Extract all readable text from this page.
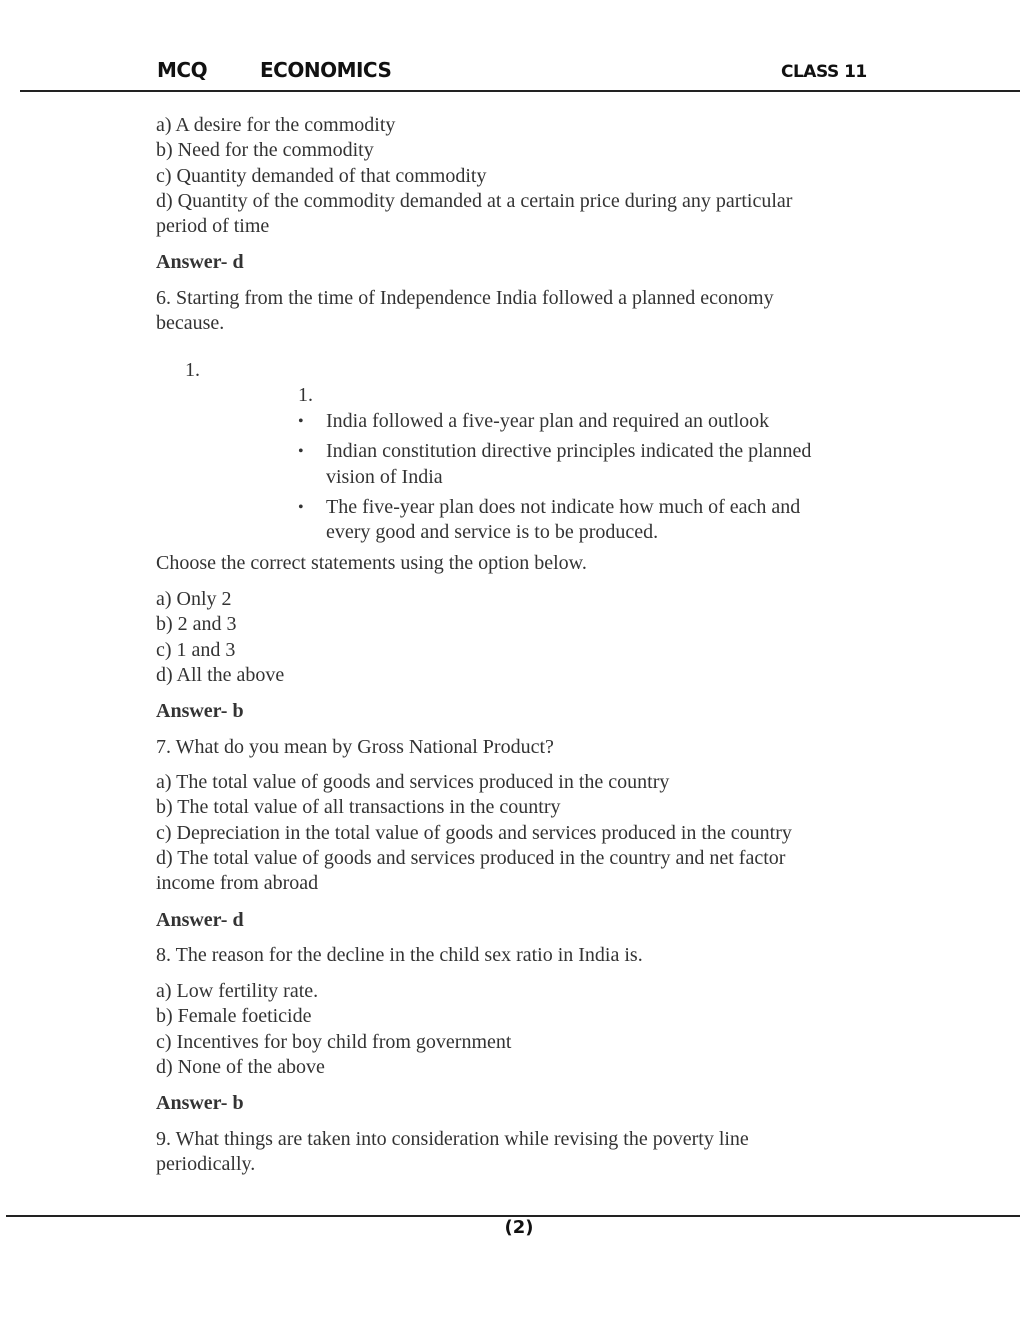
MCQ	ECONOMICS	CLASS 11
a) A desire for the commodity
b) Need for the commodity
c) Quantity demanded of that commodity
d) Quantity of the commodity demanded at a certain price during any particular
period of time
Answer- d
6. Starting from the time of Independence India followed a planned economy
because.
1.
1.
• India followed a five-year plan and required an outlook
• Indian constitution directive principles indicated the planned
vision of India
• The five-year plan does not indicate how much of each and
every good and service is to be produced.
Choose the correct statements using the option below.
a) Only 2
b) 2 and 3
c) 1 and 3
d) All the above
Answer- b
7. What do you mean by Gross National Product?
a) The total value of goods and services produced in the country
b) The total value of all transactions in the country
c) Depreciation in the total value of goods and services produced in the country
d) The total value of goods and services produced in the country and net factor
income from abroad
Answer- d
8. The reason for the decline in the child sex ratio in India is.
a) Low fertility rate.
b) Female foeticide
c) Incentives for boy child from government
d) None of the above
Answer- b
9. What things are taken into consideration while revising the poverty line
periodically.
(2)
